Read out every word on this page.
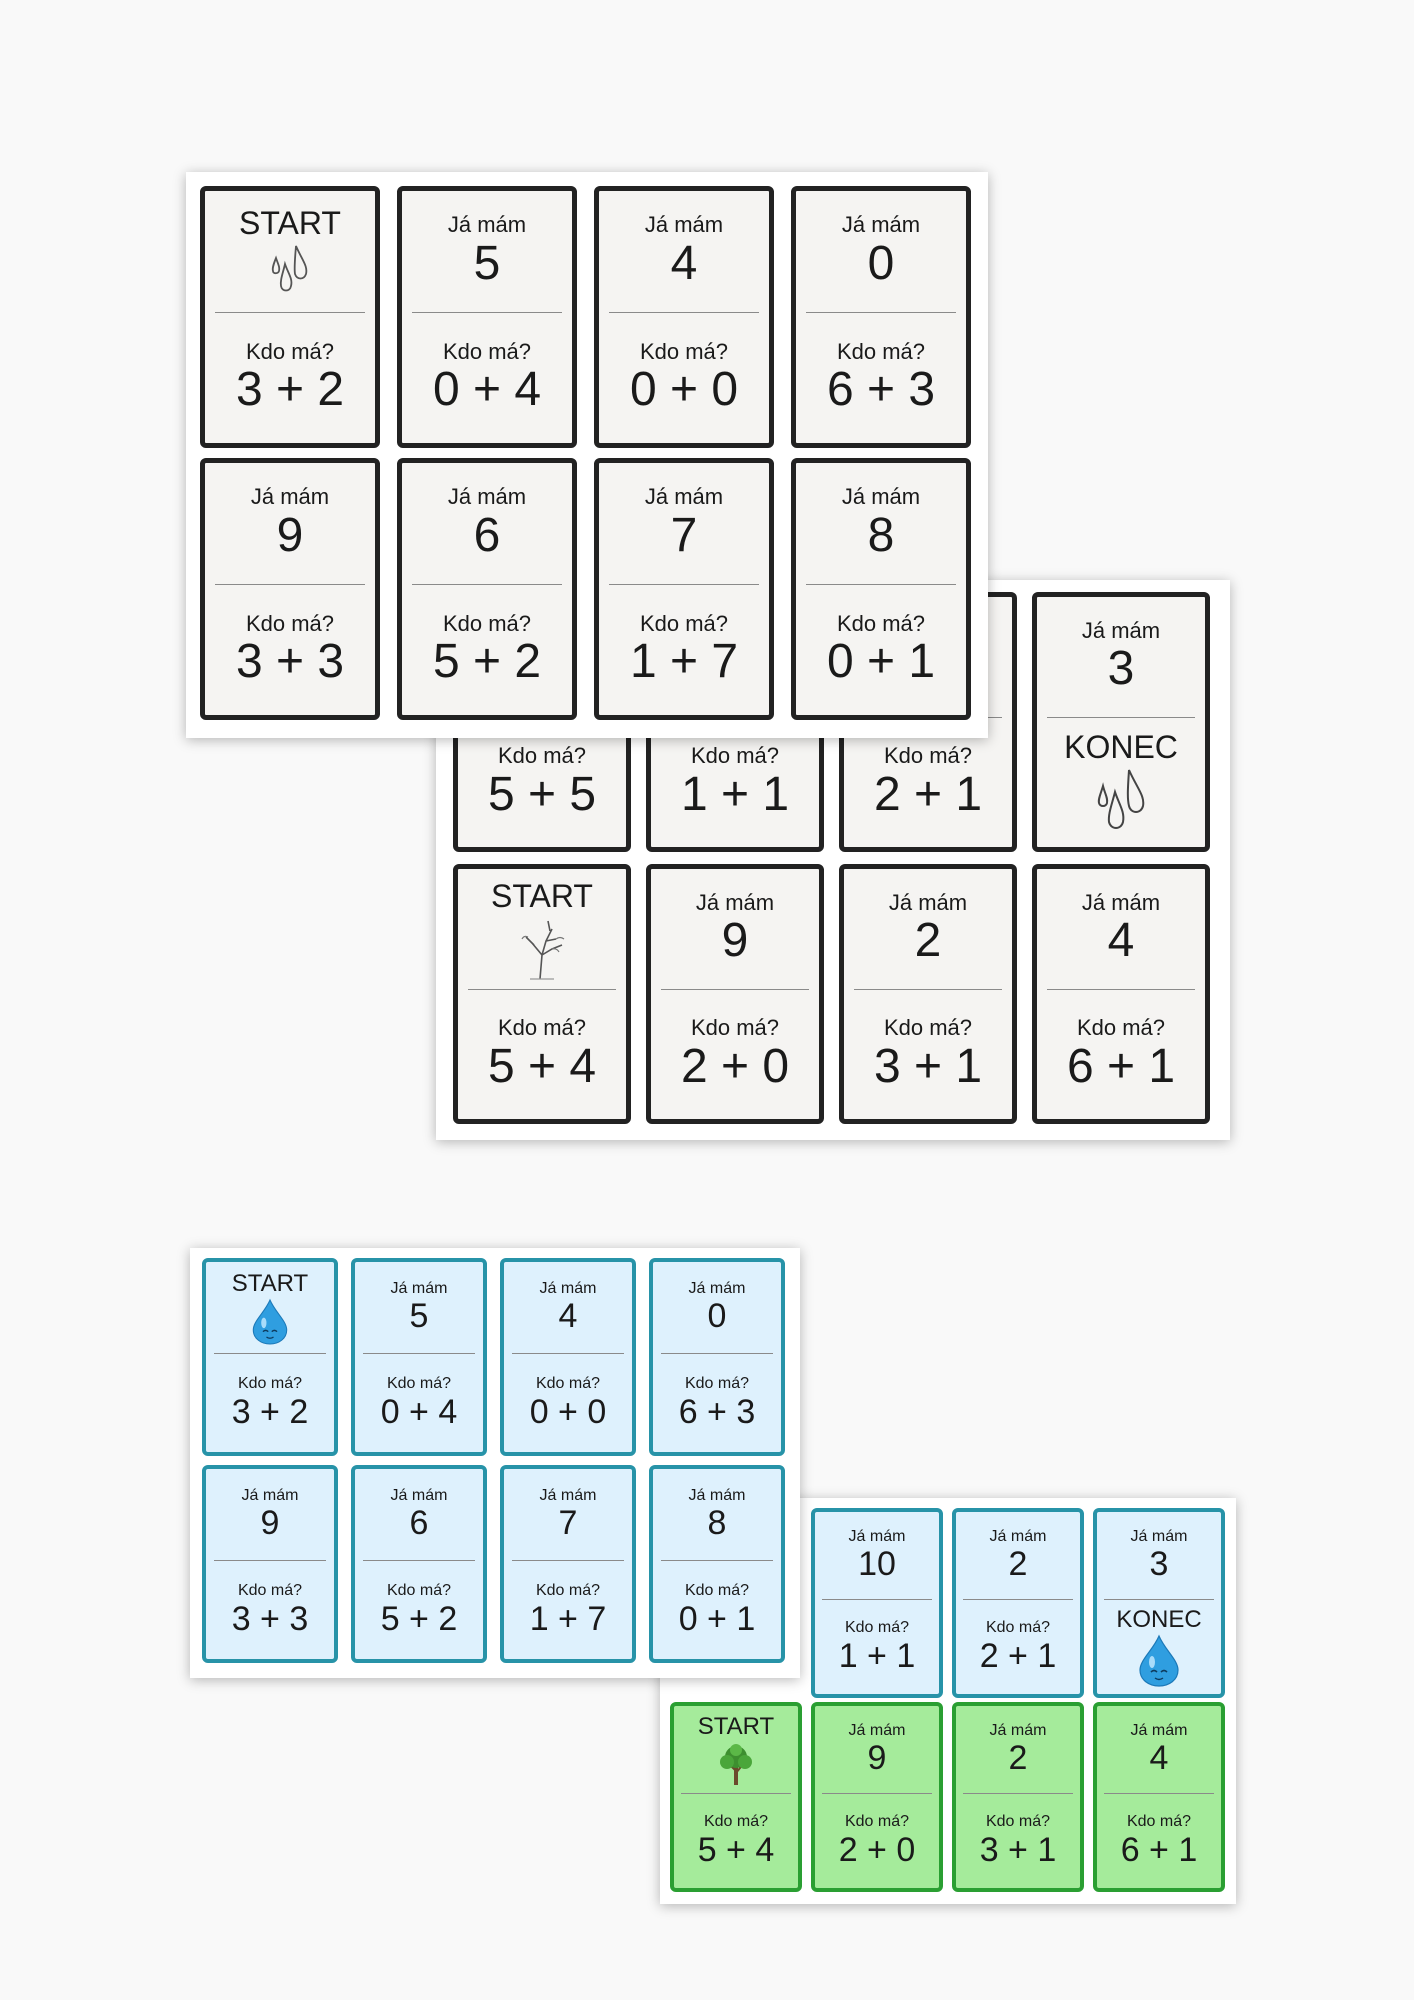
Kdo má?
5 + 5
Kdo má?
1 + 1
Kdo má?
2 + 1
Já mám
3
KONEC
START
Kdo má?
5 + 4
Já mám
9
Kdo má?
2 + 0
Já mám
2
Kdo má?
3 + 1
Já mám
4
Kdo má?
6 + 1
START
Kdo má?
3 + 2
Já mám
5
Kdo má?
0 + 4
Já mám
4
Kdo má?
0 + 0
Já mám
0
Kdo má?
6 + 3
Já mám
9
Kdo má?
3 + 3
Já mám
6
Kdo má?
5 + 2
Já mám
7
Kdo má?
1 + 7
Já mám
8
Kdo má?
0 + 1
Já mám
10
Kdo má?
1 + 1
Já mám
2
Kdo má?
2 + 1
Já mám
3
KONEC
START
Kdo má?
5 + 4
Já mám
9
Kdo má?
2 + 0
Já mám
2
Kdo má?
3 + 1
Já mám
4
Kdo má?
6 + 1
START
Kdo má?
3 + 2
Já mám
5
Kdo má?
0 + 4
Já mám
4
Kdo má?
0 + 0
Já mám
0
Kdo má?
6 + 3
Já mám
9
Kdo má?
3 + 3
Já mám
6
Kdo má?
5 + 2
Já mám
7
Kdo má?
1 + 7
Já mám
8
Kdo má?
0 + 1
